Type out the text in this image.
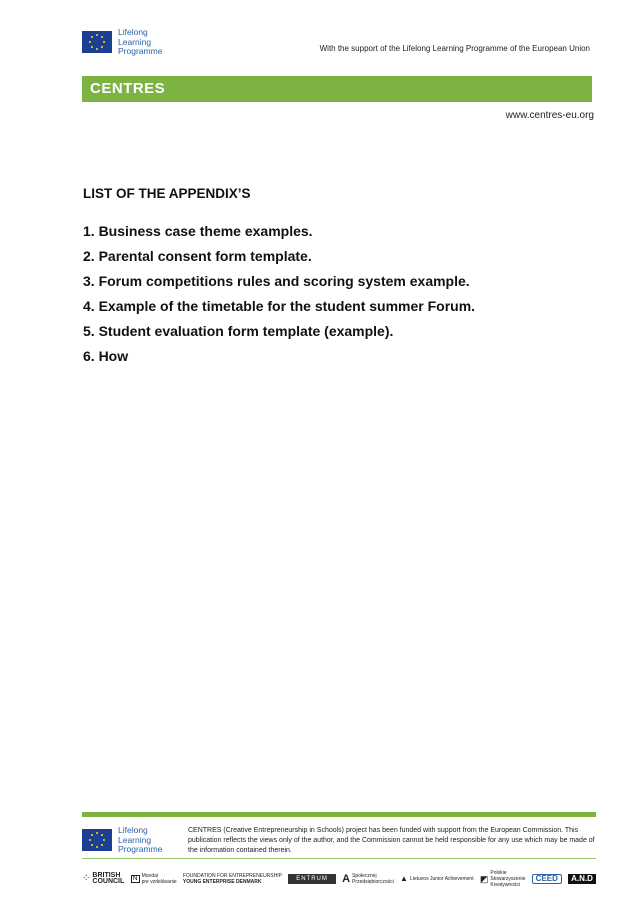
Lifelong
Learning
Programme	With the support of the Lifelong Learning Programme of the European Union
CENTRES
www.centres-eu.org
LIST OF THE APPENDIX’S
1. Business case theme examples.
2. Parental consent form template.
3. Forum competitions rules and scoring system example.
4. Example of the timetable for the student summer Forum.
5. Student evaluation form template (example).
6. How
Lifelong
Learning
Programme
CENTRES (Creative Entrepreneurship in Schools) project has been funded with support from the European Commission. This publication reflects the views only of the author, and the Commission cannot be held responsible for any use which may be made of the information contained therein.
⁘ BRITISH
COUNCIL N Mondai
pre vzdelávanie
FOUNDATION FOR ENTREPRENEURSHIP
YOUNG ENTERPRISE DENMARK	ENTRUM	A Społecznej
Przedsiębiorczości ▲ Lietuvos Junior Achievement ◩
Polskie
Stowarzyszenie
Kreatywności
CEED	A.N.D
